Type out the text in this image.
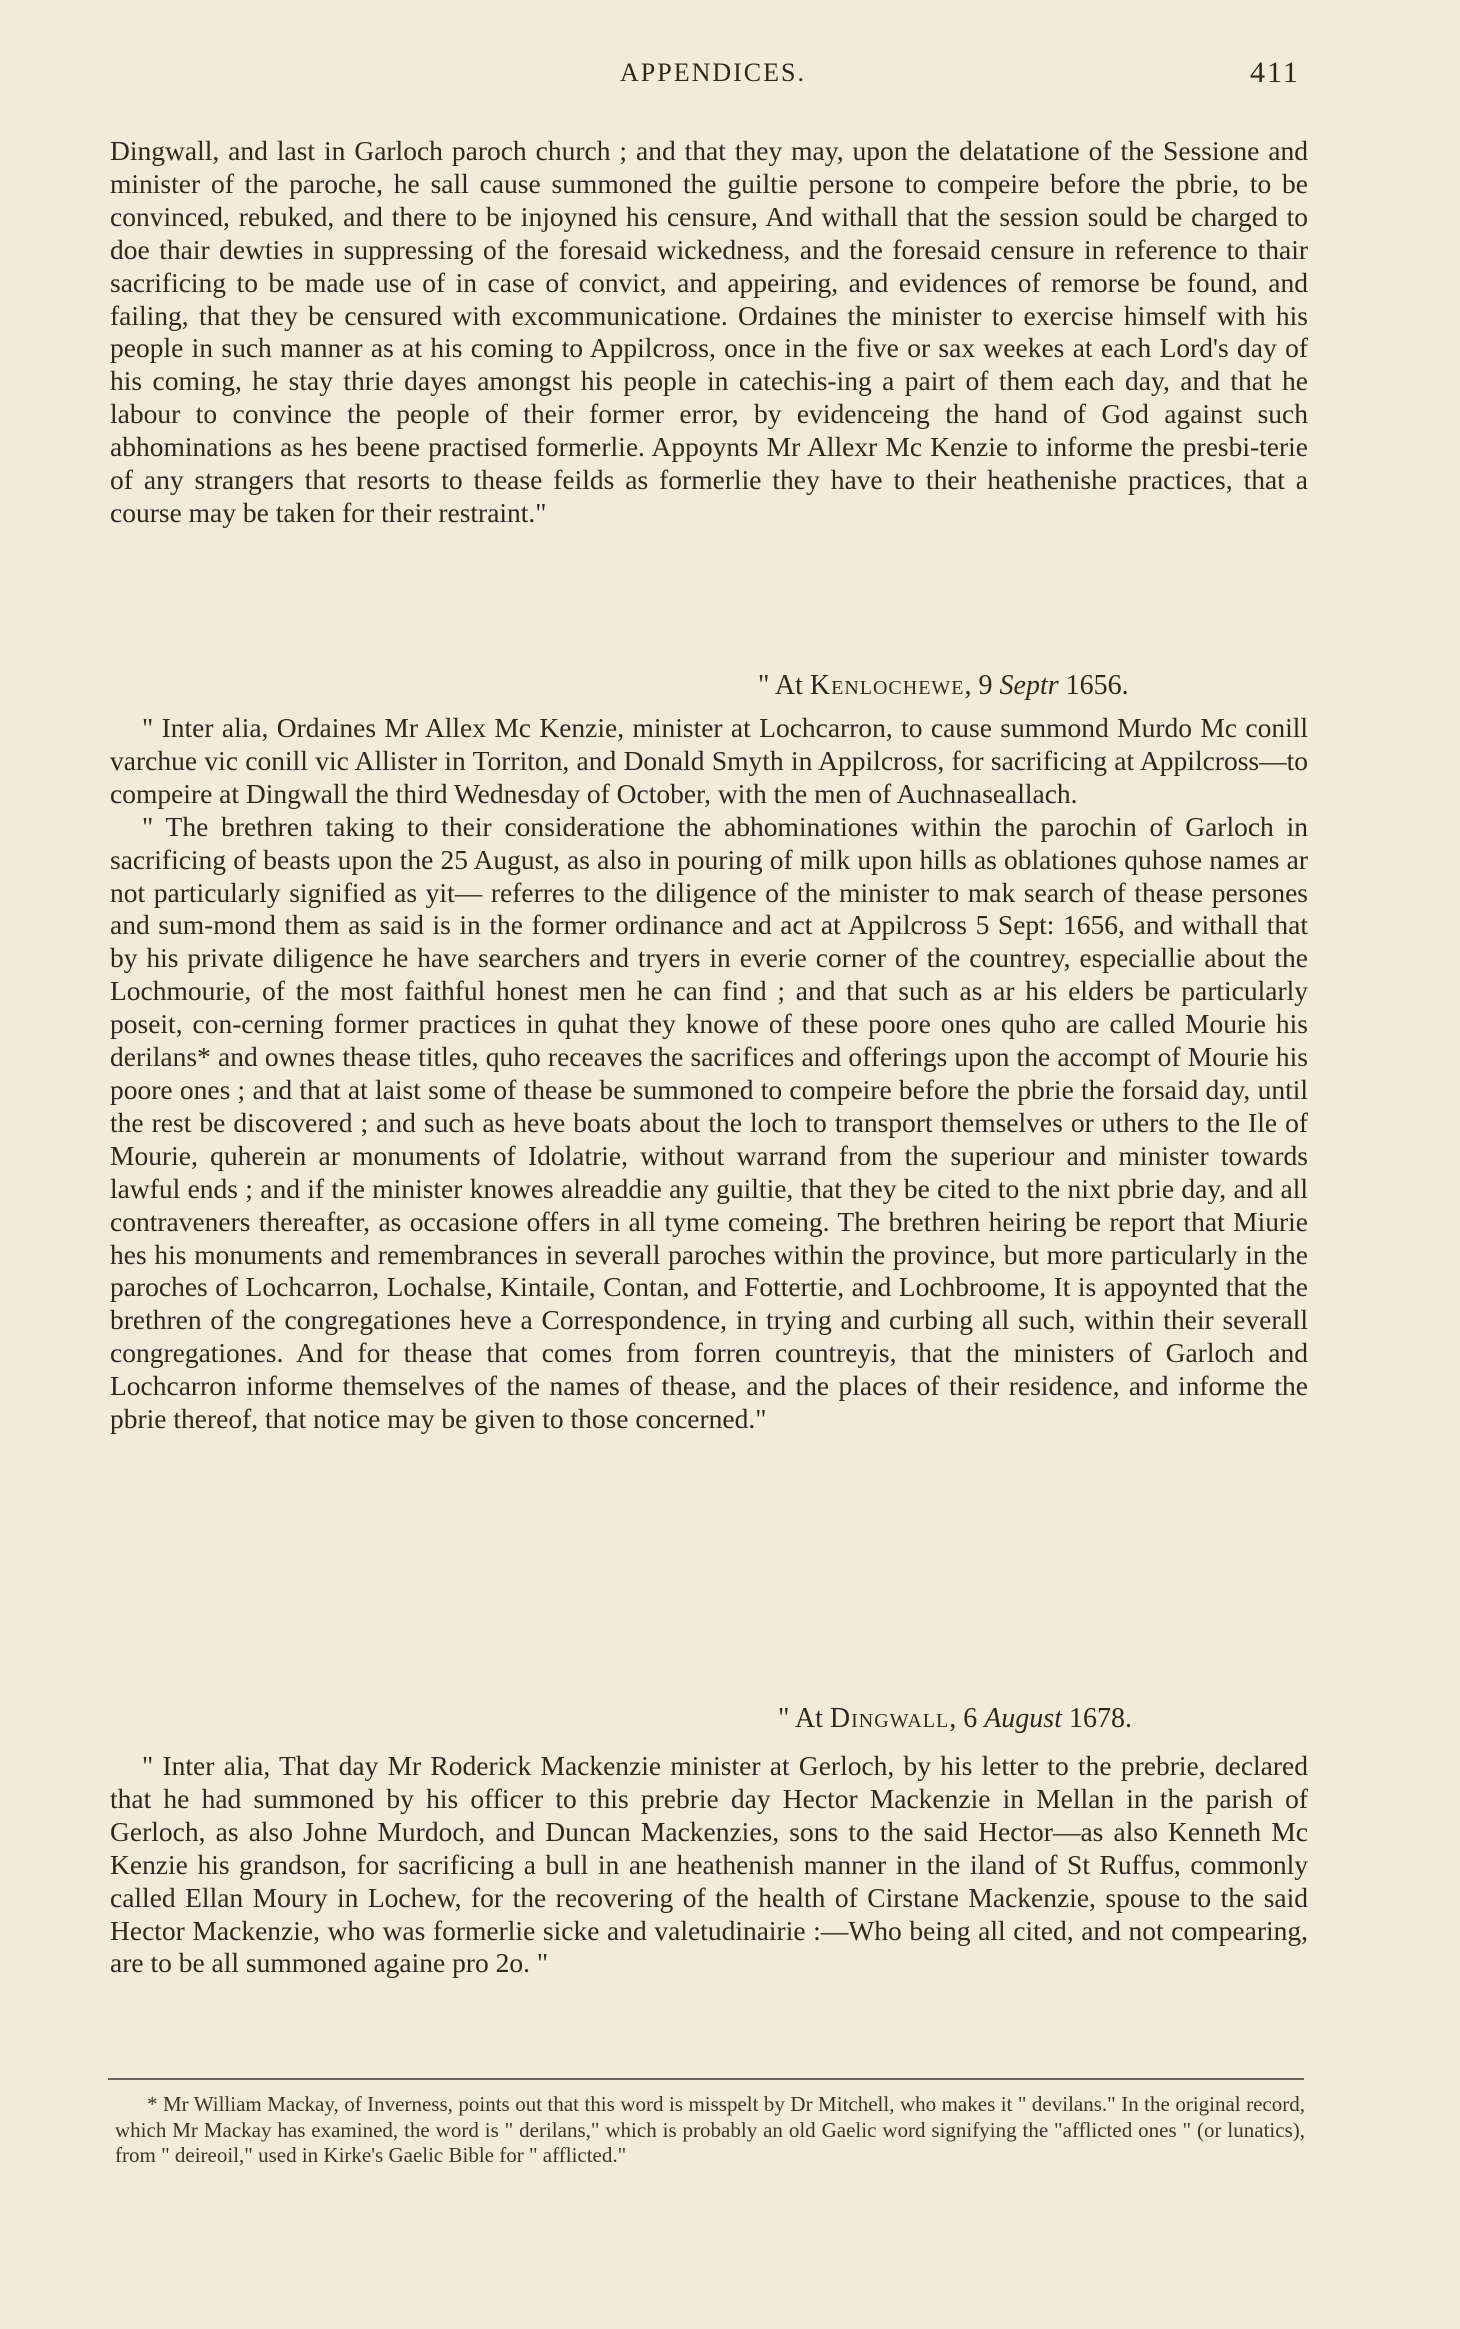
APPENDICES.	411

Dingwall, and last in Garloch paroch church ; and that they may, upon the delatatione of the Sessione and minister of the paroche, he sall cause summoned the guiltie persone to compeire before the pbrie, to be convinced, rebuked, and there to be injoyned his censure, And withall that the session sould be charged to doe thair dewties in suppressing of the foresaid wickedness, and the foresaid censure in reference to thair sacrificing to be made use of in case of convict, and appeiring, and evidences of remorse be found, and failing, that they be censured with excommunicatione. Ordaines the minister to exercise himself with his people in such manner as at his coming to Appilcross, once in the five or sax weekes at each Lord's day of his coming, he stay thrie dayes amongst his people in catechis-ing a pairt of them each day, and that he labour to convince the people of their former error, by evidenceing the hand of God against such abhominations as hes beene practised formerlie. Appoynts Mr Allexr Mc Kenzie to informe the presbi-terie of any strangers that resorts to thease feilds as formerlie they have to their heathenishe practices, that a course may be taken for their restraint."

" At Kenlochewe, 9 Septr 1656.

" Inter alia, Ordaines Mr Allex Mc Kenzie, minister at Lochcarron, to cause summond Murdo Mc conill varchue vic conill vic Allister in Torriton, and Donald Smyth in Appilcross, for sacrificing at Appilcross—to compeire at Dingwall the third Wednesday of October, with the men of Auchnaseallach.

" The brethren taking to their consideratione the abhominationes within the parochin of Garloch in sacrificing of beasts upon the 25 August, as also in pouring of milk upon hills as oblationes quhose names ar not particularly signified as yit— referres to the diligence of the minister to mak search of thease persones and sum-mond them as said is in the former ordinance and act at Appilcross 5 Sept: 1656, and withall that by his private diligence he have searchers and tryers in everie corner of the countrey, especiallie about the Lochmourie, of the most faithful honest men he can find ; and that such as ar his elders be particularly poseit, con-cerning former practices in quhat they knowe of these poore ones quho are called Mourie his derilans* and ownes thease titles, quho receaves the sacrifices and offerings upon the accompt of Mourie his poore ones ; and that at laist some of thease be summoned to compeire before the pbrie the forsaid day, until the rest be discovered ; and such as heve boats about the loch to transport themselves or uthers to the Ile of Mourie, quherein ar monuments of Idolatrie, without warrand from the superiour and minister towards lawful ends ; and if the minister knowes alreaddie any guiltie, that they be cited to the nixt pbrie day, and all contraveners thereafter, as occasione offers in all tyme comeing. The brethren heiring be report that Miurie hes his monuments and remembrances in severall paroches within the province, but more particularly in the paroches of Lochcarron, Lochalse, Kintaile, Contan, and Fottertie, and Lochbroome, It is appoynted that the brethren of the congregationes heve a Correspondence, in trying and curbing all such, within their severall congregationes. And for thease that comes from forren countreyis, that the ministers of Garloch and Lochcarron informe themselves of the names of thease, and the places of their residence, and informe the pbrie thereof, that notice may be given to those concerned."

" At Dingwall, 6 August 1678.

" Inter alia, That day Mr Roderick Mackenzie minister at Gerloch, by his letter to the prebrie, declared that he had summoned by his officer to this prebrie day Hector Mackenzie in Mellan in the parish of Gerloch, as also Johne Murdoch, and Duncan Mackenzies, sons to the said Hector—as also Kenneth Mc Kenzie his grandson, for sacrificing a bull in ane heathenish manner in the iland of St Ruffus, commonly called Ellan Moury in Lochew, for the recovering of the health of Cirstane Mackenzie, spouse to the said Hector Mackenzie, who was formerlie sicke and valetudinairie :—Who being all cited, and not compearing, are to be all summoned againe pro 2o. "

* Mr William Mackay, of Inverness, points out that this word is misspelt by Dr Mitchell, who makes it " devilans." In the original record, which Mr Mackay has examined, the word is " derilans," which is probably an old Gaelic word signifying the "afflicted ones " (or lunatics), from " deireoil," used in Kirke's Gaelic Bible for " afflicted."
